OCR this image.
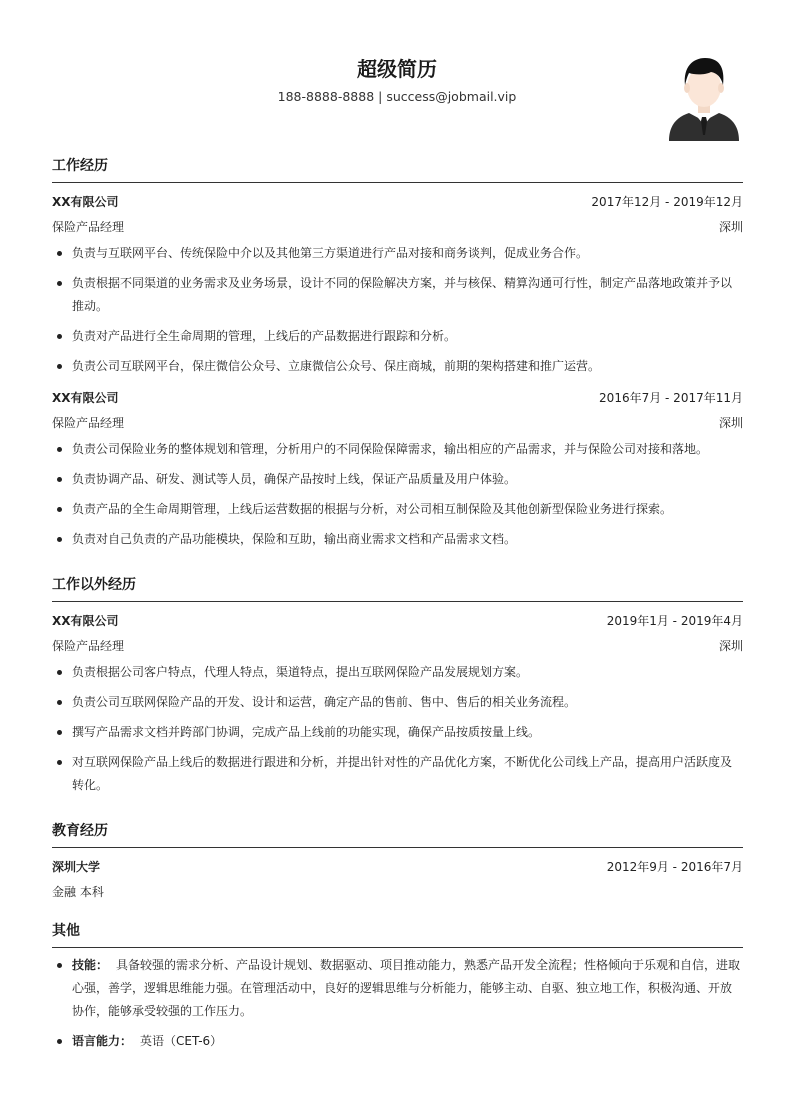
超级简历
188-8888-8888 | success@jobmail.vip
工作经历
XX有限公司	2017年12月 - 2019年12月
保险产品经理	深圳
负责与互联网平台、传统保险中介以及其他第三方渠道进行产品对接和商务谈判，促成业务合作。
负责根据不同渠道的业务需求及业务场景，设计不同的保险解决方案，并与核保、精算沟通可行性，制定产品落地政策并予以推动。
负责对产品进行全生命周期的管理，上线后的产品数据进行跟踪和分析。
负责公司互联网平台，保庄微信公众号、立康微信公众号、保庄商城，前期的架构搭建和推广运营。
XX有限公司	2016年7月 - 2017年11月
保险产品经理	深圳
负责公司保险业务的整体规划和管理，分析用户的不同保险保障需求，输出相应的产品需求，并与保险公司对接和落地。
负责协调产品、研发、测试等人员，确保产品按时上线，保证产品质量及用户体验。
负责产品的全生命周期管理，上线后运营数据的根据与分析，对公司相互制保险及其他创新型保险业务进行探索。
负责对自己负责的产品功能模块，保险和互助，输出商业需求文档和产品需求文档。
工作以外经历
XX有限公司	2019年1月 - 2019年4月
保险产品经理	深圳
负责根据公司客户特点，代理人特点，渠道特点，提出互联网保险产品发展规划方案。
负责公司互联网保险产品的开发、设计和运营，确定产品的售前、售中、售后的相关业务流程。
撰写产品需求文档并跨部门协调，完成产品上线前的功能实现，确保产品按质按量上线。
对互联网保险产品上线后的数据进行跟进和分析，并提出针对性的产品优化方案，不断优化公司线上产品，提高用户活跃度及转化。
教育经历
深圳大学	2012年9月 - 2016年7月
金融 本科
其他
技能： 具备较强的需求分析、产品设计规划、数据驱动、项目推动能力，熟悉产品开发全流程；性格倾向于乐观和自信，进取心强，善学，逻辑思维能力强。在管理活动中，良好的逻辑思维与分析能力，能够主动、自驱、独立地工作，积极沟通、开放协作，能够承受较强的工作压力。
语言能力： 英语（CET-6）
